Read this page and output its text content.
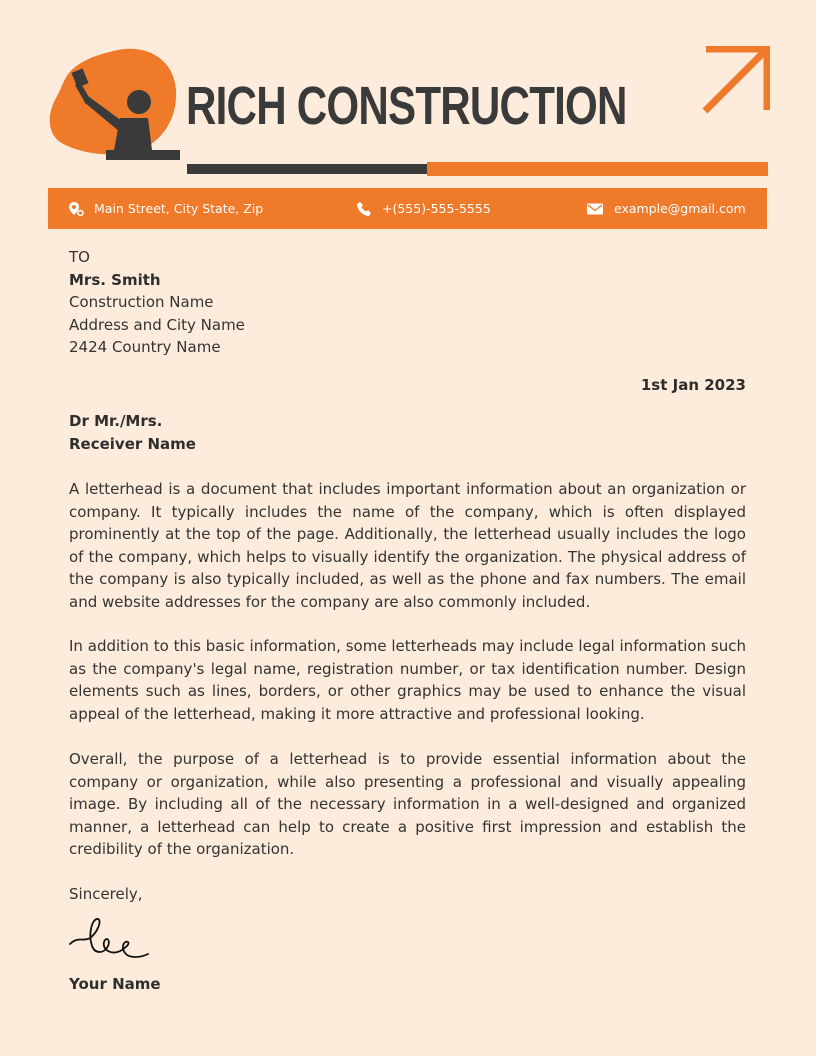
RICH CONSTRUCTION
Main Street, City State, Zip	+(555)-555-5555	example@gmail.com
TO
Mrs. Smith
Construction Name
Address and City Name
2424 Country Name
1st Jan 2023
Dr Mr./Mrs.
Receiver Name
A letterhead is a document that includes important information about an organization or company. It typically includes the name of the company, which is often displayed prominently at the top of the page. Additionally, the letterhead usually includes the logo of the company, which helps to visually identify the organization. The physical address of the company is also typically included, as well as the phone and fax numbers. The email and website addresses for the company are also commonly included.
In addition to this basic information, some letterheads may include legal information such as the company's legal name, registration number, or tax identification number. Design elements such as lines, borders, or other graphics may be used to enhance the visual appeal of the letterhead, making it more attractive and professional looking.
Overall, the purpose of a letterhead is to provide essential information about the company or organization, while also presenting a professional and visually appealing image. By including all of the necessary information in a well-designed and organized manner, a letterhead can help to create a positive first impression and establish the credibility of the organization.
Sincerely,
Your Name
